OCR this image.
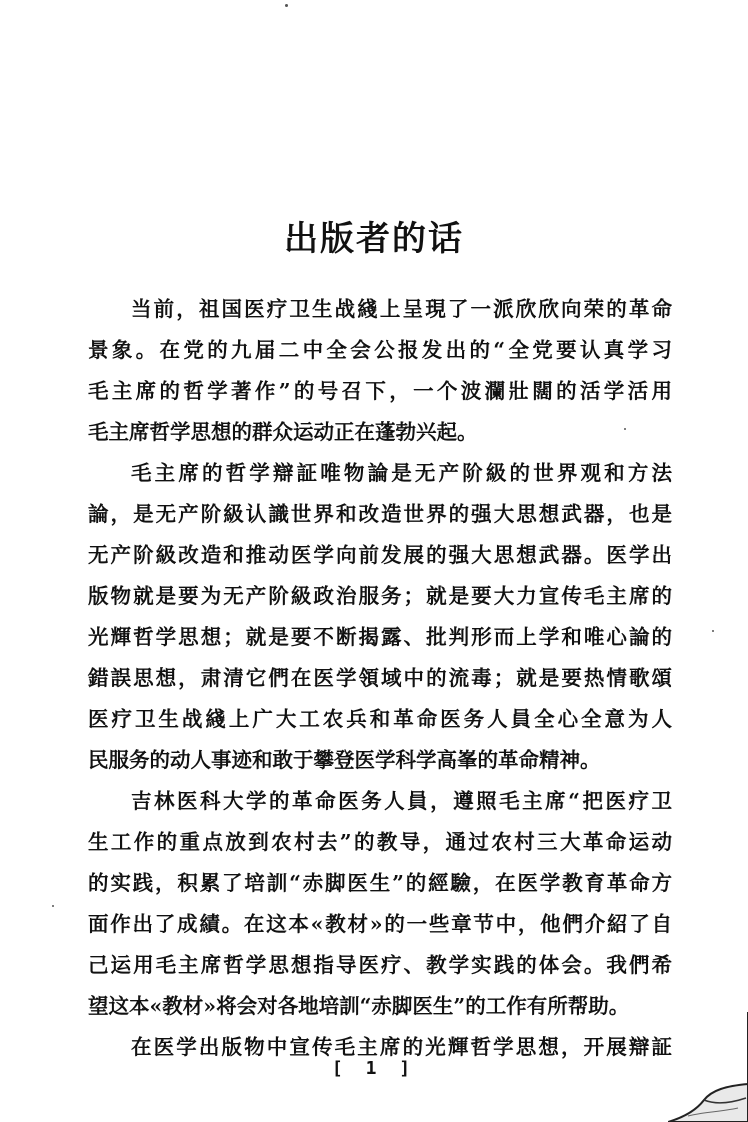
出版者的话
当前，祖国医疗卫生战綫上呈現了一派欣欣向荣的革命
景象。在党的九届二中全会公报发出的“全党要认真学习
毛主席的哲学著作”的号召下，一个波瀾壯闊的活学活用
毛主席哲学思想的群众运动正在蓬勃兴起。
毛主席的哲学辯証唯物論是无产阶級的世界观和方法
論，是无产阶級认識世界和改造世界的强大思想武器，也是
无产阶級改造和推动医学向前发展的强大思想武器。医学出
版物就是要为无产阶級政治服务；就是要大力宣传毛主席的
光輝哲学思想；就是要不断揭露、批判形而上学和唯心論的
錯誤思想，肃清它們在医学領域中的流毒；就是要热情歌頌
医疗卫生战綫上广大工农兵和革命医务人員全心全意为人
民服务的动人事迹和敢于攀登医学科学高峯的革命精神。
吉林医科大学的革命医务人員，遵照毛主席“把医疗卫
生工作的重点放到农村去”的教导，通过农村三大革命运动
的实践，积累了培訓“赤脚医生”的經驗，在医学教育革命方
面作出了成績。在这本«教材»的一些章节中，他們介紹了自
己运用毛主席哲学思想指导医疗、教学实践的体会。我們希
望这本«教材»将会对各地培訓“赤脚医生”的工作有所帮助。
在医学出版物中宣传毛主席的光輝哲学思想，开展辯証
[ 1 ]
